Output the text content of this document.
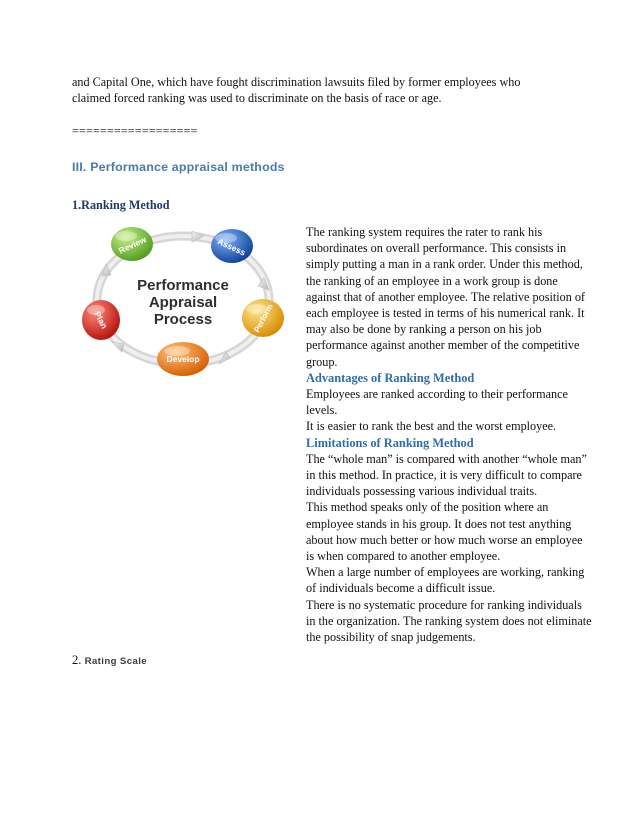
and Capital One, which have fought discrimination lawsuits filed by former employees who

claimed forced ranking was used to discriminate on the basis of race or age.

==================
III. Performance appraisal methods
1.Ranking Method
Review	Assess
Perform
Develop
Plan
Performance
Appraisal
Process

The ranking system requires the rater to rank his

subordinates on overall performance. This consists in

simply putting a man in a rank order. Under this method,

the ranking of an employee in a work group is done

against that of another employee. The relative position of

each employee is tested in terms of his numerical rank. It

may also be done by ranking a person on his job

performance against another member of the competitive

group.

Advantages of Ranking Method

Employees are ranked according to their performance

levels.

It is easier to rank the best and the worst employee.

Limitations of Ranking Method

The “whole man” is compared with another “whole man”

in this method. In practice, it is very difficult to compare

individuals possessing various individual traits.

This method speaks only of the position where an

employee stands in his group. It does not test anything

about how much better or how much worse an employee

is when compared to another employee.

When a large number of employees are working, ranking

of individuals become a difficult issue.

There is no systematic procedure for ranking individuals

in the organization. The ranking system does not eliminate

the possibility of snap judgements.

2. Rating Scale
